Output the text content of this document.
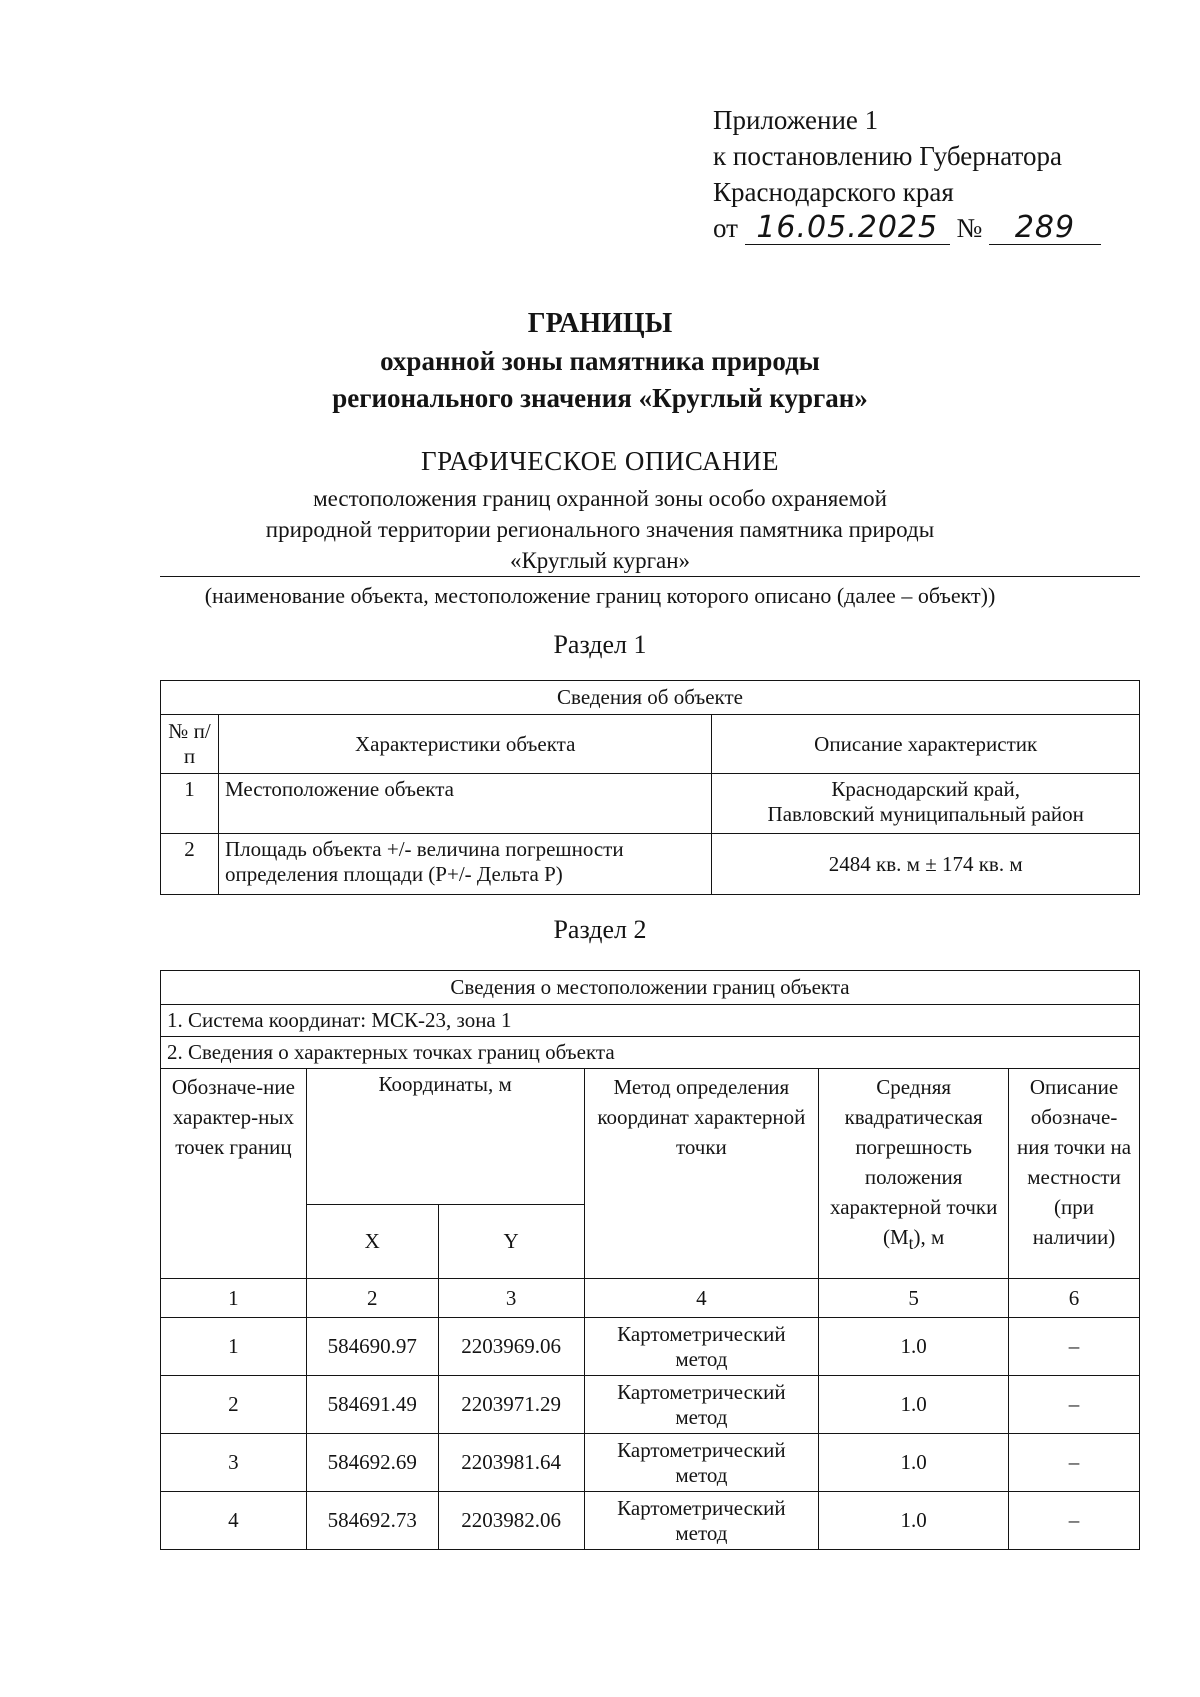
Приложение 1
к постановлению Губернатора
Краснодарского края
от 16.05.2025 № 289
ГРАНИЦЫ
охранной зоны памятника природы
регионального значения «Круглый курган»
ГРАФИЧЕСКОЕ ОПИСАНИЕ
местоположения границ охранной зоны особо охраняемой
природной территории регионального значения памятника природы
«Круглый курган»
(наименование объекта, местоположение границ которого описано (далее – объект))
Раздел 1
Сведения об объекте		
№ п/п	Характеристики объекта	Описание характеристик
1	Местоположение объекта	Краснодарский край,
Павловский муниципальный район

2	Площадь объекта +/- величина погрешности
определения площади (P+/- Дельта P)	2484 кв. м ± 174 кв. м
Раздел 2
Сведения о местоположении границ объекта					
1. Система координат: МСК-23, зона 1					
2. Сведения о характерных точках границ объекта					
Обозначе-ние характер-ных точек границ	Координаты, м		Метод определения координат характерной точки	Средняя квадратическая погрешность положения характерной точки $(M_t)$, м	Описание обозначе-ния точки на местности (при наличии)
	X	Y			
1	2	3	4	5	6
1	584690.97	2203969.06	Картометрический
метод	1.0	–
2	584691.49	2203971.29	Картометрический
метод	1.0	–
3	584692.69	2203981.64	Картометрический
метод	1.0	–
4	584692.73	2203982.06	Картометрический
метод	1.0	–
